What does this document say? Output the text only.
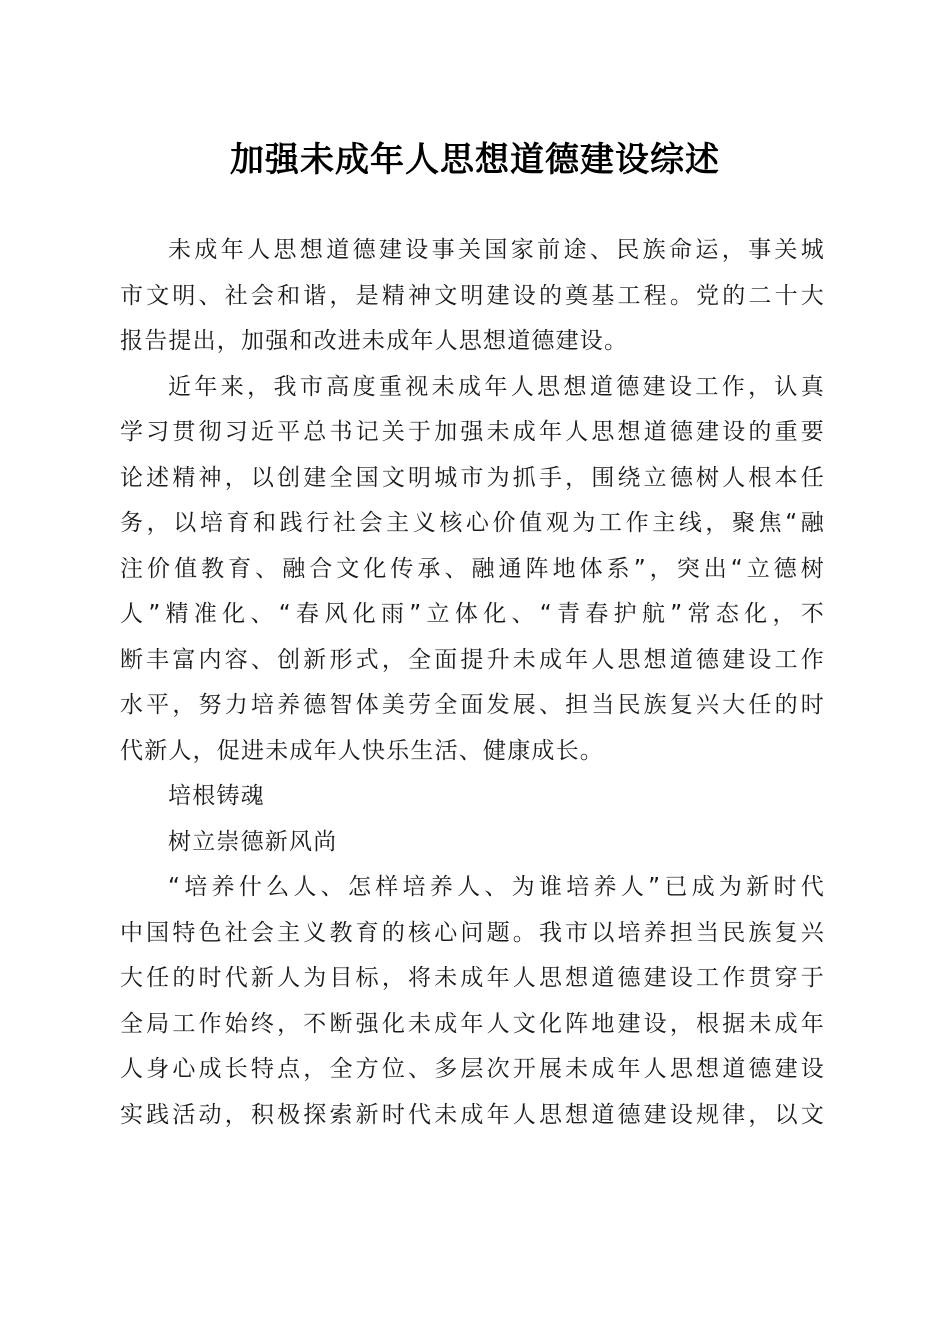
加强未成年人思想道德建设综述
未成年人思想道德建设事关国家前途、民族命运，事关城
市文明、社会和谐，是精神文明建设的奠基工程。党的二十大
报告提出，加强和改进未成年人思想道德建设。
近年来，我市高度重视未成年人思想道德建设工作，认真
学习贯彻习近平总书记关于加强未成年人思想道德建设的重要
论述精神，以创建全国文明城市为抓手，围绕立德树人根本任
务，以培育和践行社会主义核心价值观为工作主线，聚焦“融
注价值教育、融合文化传承、融通阵地体系”，突出“立德树
人”精准化、“春风化雨”立体化、“青春护航”常态化，不
断丰富内容、创新形式，全面提升未成年人思想道德建设工作
水平，努力培养德智体美劳全面发展、担当民族复兴大任的时
代新人，促进未成年人快乐生活、健康成长。
培根铸魂
树立崇德新风尚
“培养什么人、怎样培养人、为谁培养人”已成为新时代
中国特色社会主义教育的核心问题。我市以培养担当民族复兴
大任的时代新人为目标，将未成年人思想道德建设工作贯穿于
全局工作始终，不断强化未成年人文化阵地建设，根据未成年
人身心成长特点，全方位、多层次开展未成年人思想道德建设
实践活动，积极探索新时代未成年人思想道德建设规律，以文
